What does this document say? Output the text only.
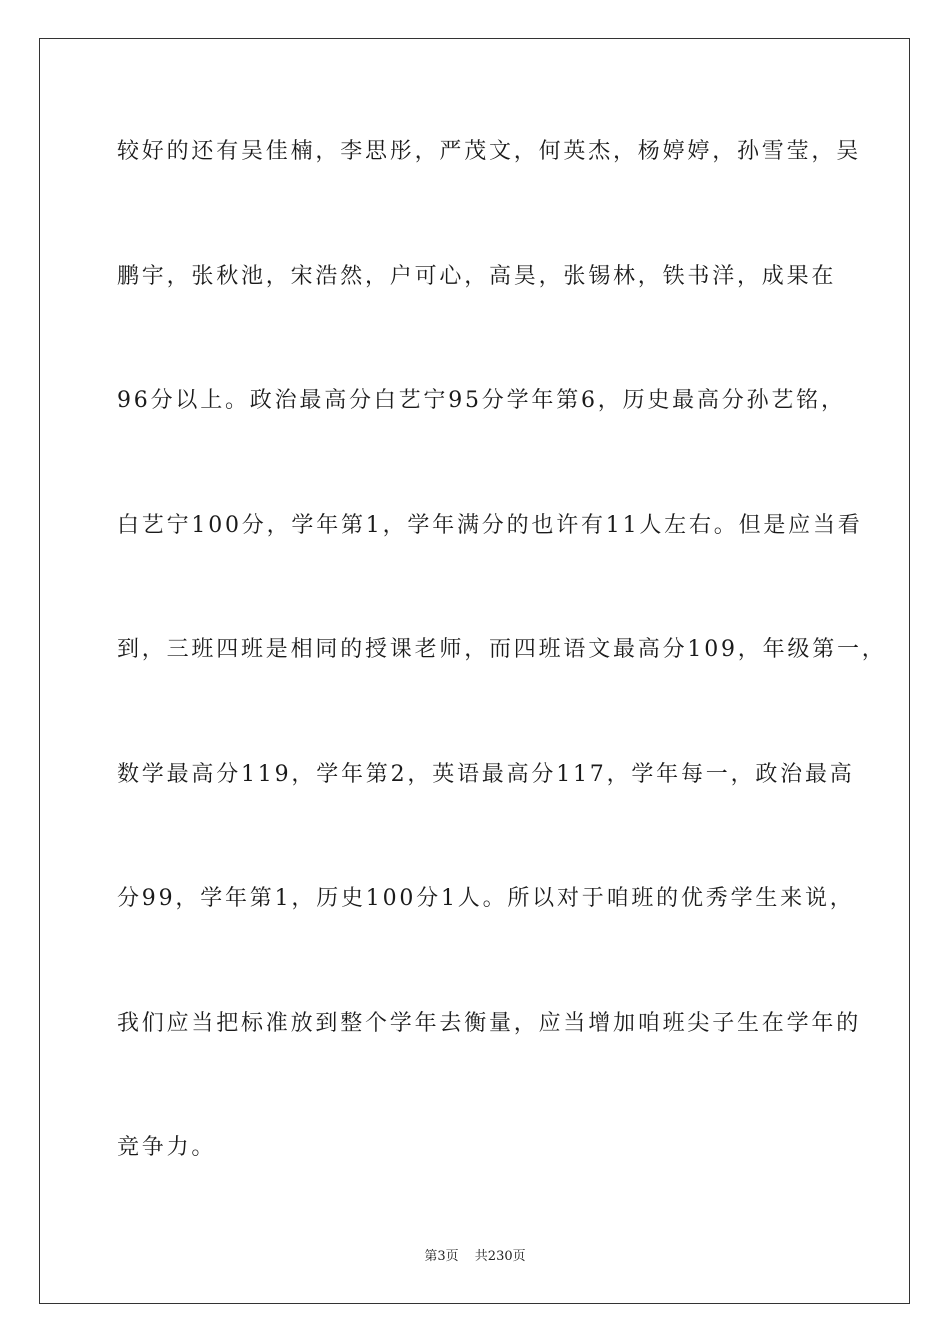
较好的还有吴佳楠，李思彤，严茂文，何英杰，杨婷婷，孙雪莹，吴
鹏宇，张秋池，宋浩然，户可心，高昊，张锡林，铁书洋，成果在
96分以上。政治最高分白艺宁95分学年第6，历史最高分孙艺铭，
白艺宁100分，学年第1，学年满分的也许有11人左右。但是应当看
到，三班四班是相同的授课老师，而四班语文最高分109，年级第一，
数学最高分119，学年第2，英语最高分117，学年每一，政治最高
分99，学年第1，历史100分1人。所以对于咱班的优秀学生来说，
我们应当把标准放到整个学年去衡量，应当增加咱班尖子生在学年的
竞争力。
第3页 共230页
